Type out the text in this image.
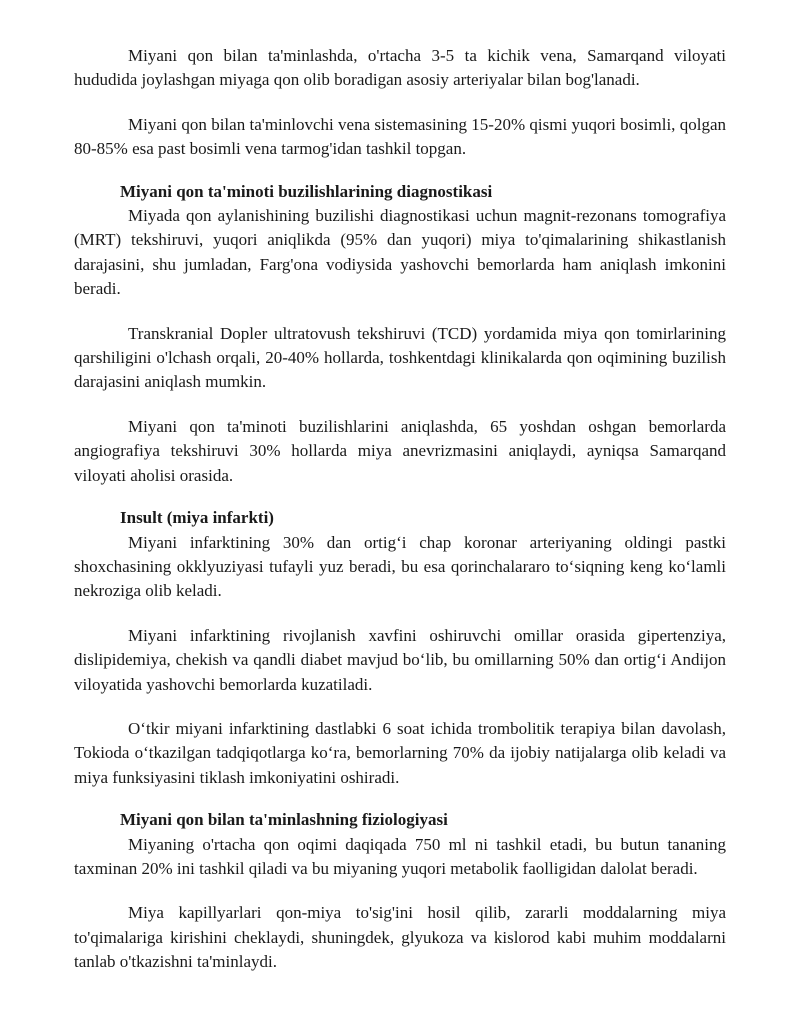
Miyani qon bilan ta'minlashda, o'rtacha 3-5 ta kichik vena, Samarqand viloyati hududida joylashgan miyaga qon olib boradigan asosiy arteriyalar bilan bog'lanadi.

Miyani qon bilan ta'minlovchi vena sistemasining 15-20% qismi yuqori bosimli, qolgan 80-85% esa past bosimli vena tarmog'idan tashkil topgan.

Miyani qon ta'minoti buzilishlarining diagnostikasi

Miyada qon aylanishining buzilishi diagnostikasi uchun magnit-rezonans tomografiya (MRT) tekshiruvi, yuqori aniqlikda (95% dan yuqori) miya to'qimalarining shikastlanish darajasini, shu jumladan, Farg'ona vodiysida yashovchi bemorlarda ham aniqlash imkonini beradi.

Transkranial Dopler ultratovush tekshiruvi (TCD) yordamida miya qon tomirlarining qarshiligini o'lchash orqali, 20-40% hollarda, toshkentdagi klinikalarda qon oqimining buzilish darajasini aniqlash mumkin.

Miyani qon ta'minoti buzilishlarini aniqlashda, 65 yoshdan oshgan bemorlarda angiografiya tekshiruvi 30% hollarda miya anevrizmasini aniqlaydi, ayniqsa Samarqand viloyati aholisi orasida.

Insult (miya infarkti)

Miyani infarktining 30% dan ortig‘i chap koronar arteriyaning oldingi pastki shoxchasining okklyuziyasi tufayli yuz beradi, bu esa qorinchalararo to‘siqning keng ko‘lamli nekroziga olib keladi.

Miyani infarktining rivojlanish xavfini oshiruvchi omillar orasida gipertenziya, dislipidemiya, chekish va qandli diabet mavjud bo‘lib, bu omillarning 50% dan ortig‘i Andijon viloyatida yashovchi bemorlarda kuzatiladi.

O‘tkir miyani infarktining dastlabki 6 soat ichida trombolitik terapiya bilan davolash, Tokioda o‘tkazilgan tadqiqotlarga ko‘ra, bemorlarning 70% da ijobiy natijalarga olib keladi va miya funksiyasini tiklash imkoniyatini oshiradi.

Miyani qon bilan ta'minlashning fiziologiyasi

Miyaning o'rtacha qon oqimi daqiqada 750 ml ni tashkil etadi, bu butun tananing taxminan 20% ini tashkil qiladi va bu miyaning yuqori metabolik faolligidan dalolat beradi.

Miya kapillyarlari qon-miya to'sig'ini hosil qilib, zararli moddalarning miya to'qimalariga kirishini cheklaydi, shuningdek, glyukoza va kislorod kabi muhim moddalarni tanlab o'tkazishni ta'minlaydi.
